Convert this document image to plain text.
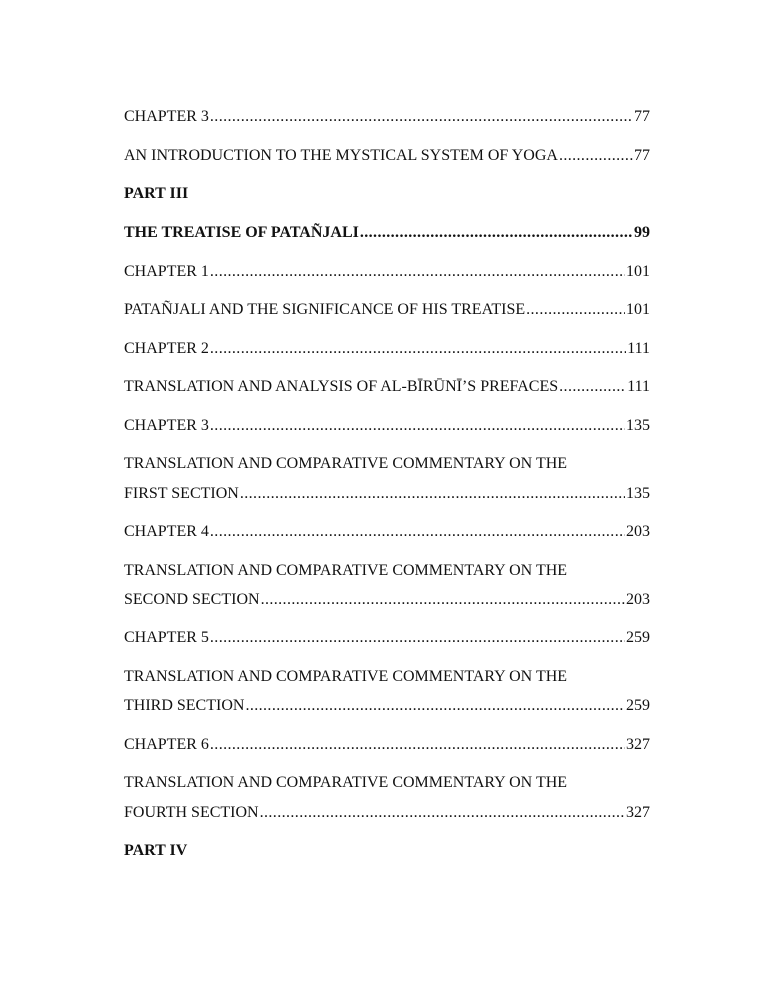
CHAPTER 3 .....	77
AN INTRODUCTION TO THE MYSTICAL SYSTEM OF YOGA .....	77
PART III
THE TREATISE OF PATAÑJALI .....	99
CHAPTER 1 .....	101
PATAÑJALI AND THE SIGNIFICANCE OF HIS TREATISE .....	101
CHAPTER 2 .....	111
TRANSLATION AND ANALYSIS OF AL-BĪRŪNĪ’S PREFACES .....	111
CHAPTER 3 .....	135
TRANSLATION AND COMPARATIVE COMMENTARY ON THE
FIRST SECTION .....	135
CHAPTER 4 .....	203
TRANSLATION AND COMPARATIVE COMMENTARY ON THE
SECOND SECTION .....	203
CHAPTER 5 .....	259
TRANSLATION AND COMPARATIVE COMMENTARY ON THE
THIRD SECTION .....	259
CHAPTER 6 .....	327
TRANSLATION AND COMPARATIVE COMMENTARY ON THE
FOURTH SECTION .....	327
PART IV
